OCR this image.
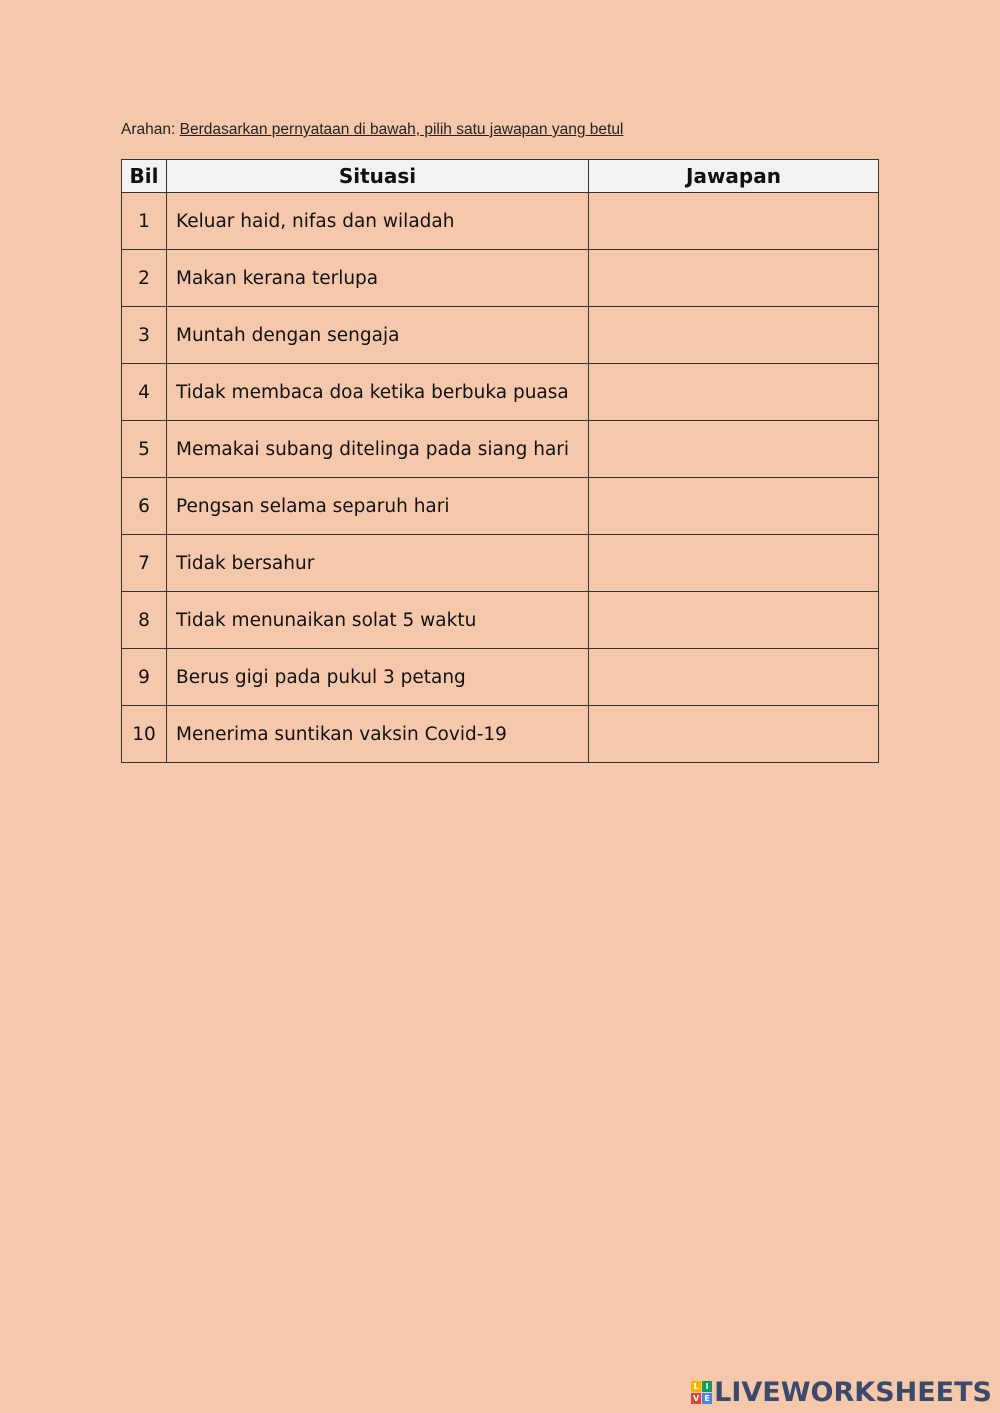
Arahan: Berdasarkan pernyataan di bawah, pilih satu jawapan yang betul
Bil	Situasi	Jawapan
1	Keluar haid, nifas dan wiladah	

2	Makan kerana terlupa	

3	Muntah dengan sengaja	

4	Tidak membaca doa ketika berbuka puasa	

5	Memakai subang ditelinga pada siang hari	

6	Pengsan selama separuh hari	

7	Tidak bersahur	

8	Tidak menunaikan solat 5 waktu	

9	Berus gigi pada pukul 3 petang	

10	Menerima suntikan vaksin Covid-19	
L I
V E LIVEWORKSHEETS
